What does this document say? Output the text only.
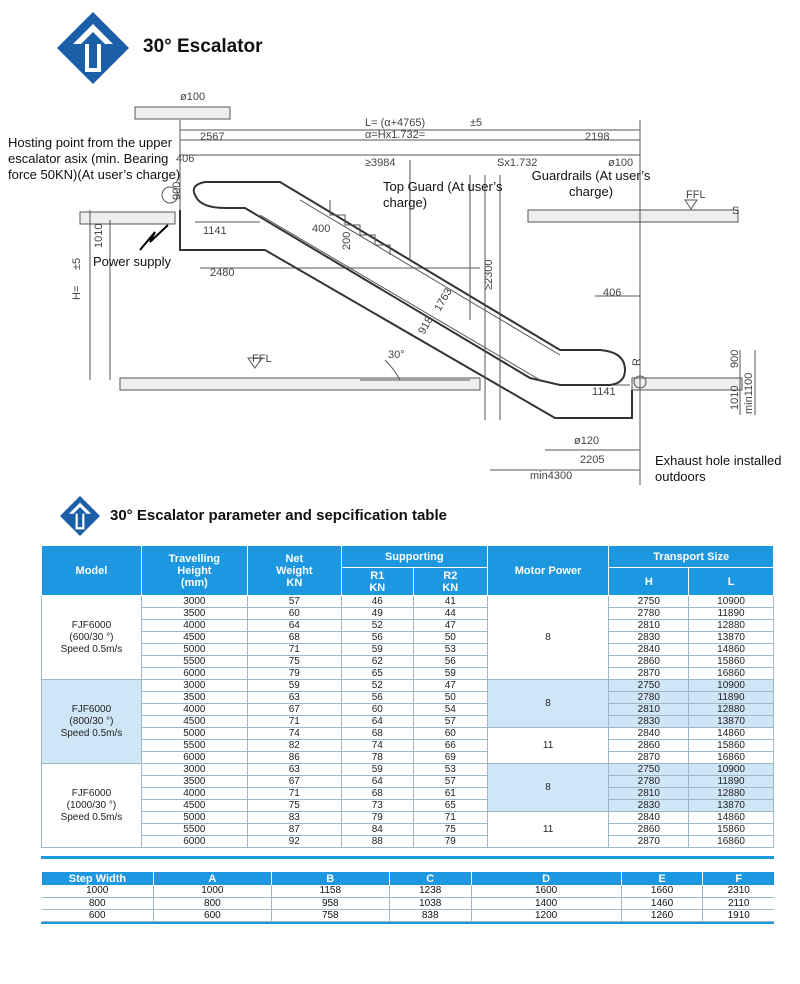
30° Escalator
ø100
L= (α+4765)	±5
α=Hx1.732=
2567	2198
406	≥3984	Sx1.732	ø100
900
1141	400
200
1010
H=
±5
2480	≥2300
1763
918
30°
406
FFL
FFL
900
1141	1010 min1100
ø120
2205
min4300
S
R
Hosting point from the upper escalator asix (min. Bearing force 50KN)(At user’s charge)
Power supply
Top Guard (At user’s charge)
Guardrails (At user’s charge)
Exhaust hole installed outdoors
30° Escalator parameter and sepcification table
Model	Travelling Height (mm)	Net Weight KN	Supporting		Motor Power	Transport Size	
			R1 KN	R2 KN		H	L
FJF6000 (600/30 °) Speed 0.5m/s	3000	57	46	41	8	2750	10900
	3500	60	49	44		2780	11890
	4000	64	52	47		2810	12880
	4500	68	56	50		2830	13870
	5000	71	59	53		2840	14860
	5500	75	62	56		2860	15860
	6000	79	65	59		2870	16860
FJF6000 (800/30 °) Speed 0.5m/s	3000	59	52	47	8	2750	10900
	3500	63	56	50		2780	11890
	4000	67	60	54		2810	12880
	4500	71	64	57		2830	13870
	5000	74	68	60	11	2840	14860
	5500	82	74	66		2860	15860
	6000	86	78	69		2870	16860
FJF6000 (1000/30 °) Speed 0.5m/s	3000	63	59	53	8	2750	10900
	3500	67	64	57		2780	11890
	4000	71	68	61		2810	12880
	4500	75	73	65		2830	13870
	5000	83	79	71	11	2840	14860
	5500	87	84	75		2860	15860
	6000	92	88	79		2870	16860
Step Width	A	B	C	D	E	F
1000	1000	1158	1238	1600	1660	2310
800	800	958	1038	1400	1460	2110
600	600	758	838	1200	1260	1910
